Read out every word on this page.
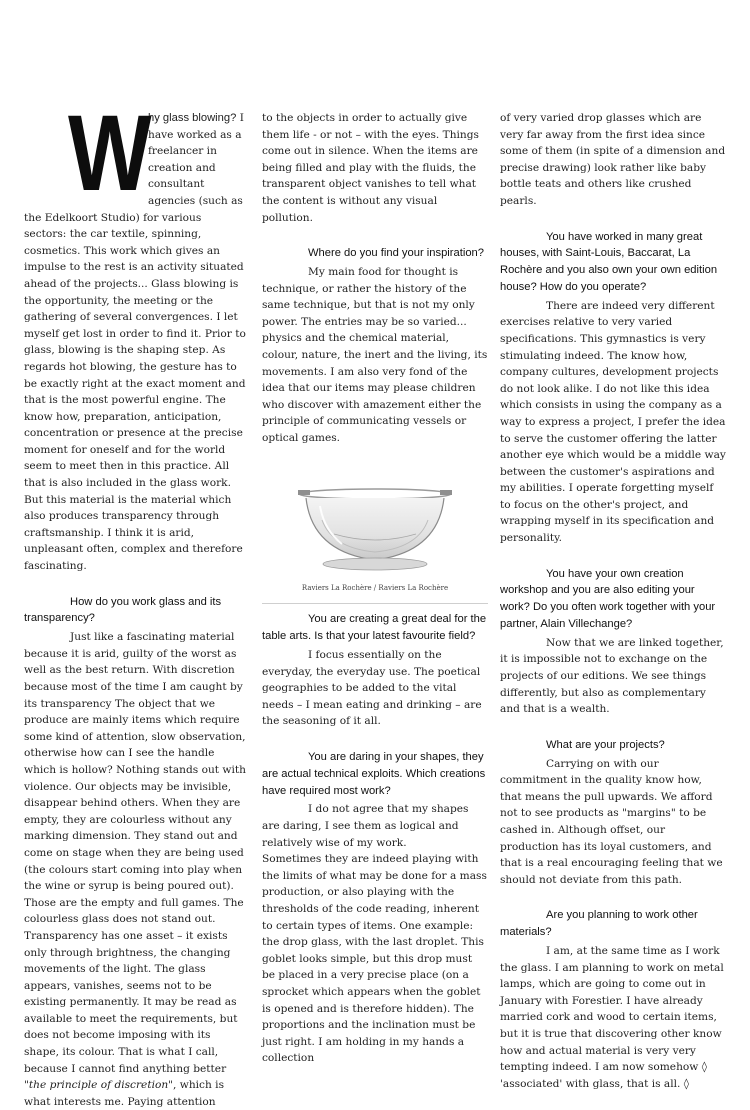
W
hy glass blowing? I have worked as a freelancer in creation and consultant agencies (such as the Edelkoort Studio) for various sectors: the car textile, spinning, cosmetics. This work which gives an impulse to the rest is an activity situated ahead of the projects... Glass blowing is the opportunity, the meeting or the gathering of several convergences. I let myself get lost in order to find it. Prior to glass, blowing is the shaping step. As regards hot blowing, the gesture has to be exactly right at the exact moment and that is the most powerful engine. The know how, preparation, anticipation, concentration or presence at the precise moment for oneself and for the world seem to meet then in this practice. All that is also included in the glass work. But this material is the material which also produces transparency through craftsmanship. I think it is arid, unpleasant often, complex and therefore fascinating.

How do you work glass and its transparency?

Just like a fascinating material because it is arid, guilty of the worst as well as the best return. With discretion because most of the time I am caught by its transparency The object that we produce are mainly items which require some kind of attention, slow observation, otherwise how can I see the handle which is hollow? Nothing stands out with violence. Our objects may be invisible, disappear behind others. When they are empty, they are colourless without any marking dimension. They stand out and come on stage when they are being used (the colours start coming into play when the wine or syrup is being poured out). Those are the empty and full games. The colourless glass does not stand out. Transparency has one asset – it exists only through brightness, the changing movements of the light. The glass appears, vanishes, seems not to be existing permanently. It may be read as available to meet the requirements, but does not become imposing with its shape, its colour. That is what I call, because I cannot find anything better "the principle of discretion", which is what interests me. Paying attention

to the objects in order to actually give them life - or not – with the eyes. Things come out in silence. When the items are being filled and play with the fluids, the transparent object vanishes to tell what the content is without any visual pollution.

Where do you find your inspiration?

My main food for thought is technique, or rather the history of the same technique, but that is not my only power. The entries may be so varied... physics and the chemical material, colour, nature, the inert and the living, its movements. I am also very fond of the idea that our items may please children who discover with amazement either the principle of communicating vessels or optical games.

Raviers La Rochère / Raviers La Rochère

You are creating a great deal for the table arts. Is that your latest favourite field?

I focus essentially on the everyday, the everyday use. The poetical geographies to be added to the vital needs – I mean eating and drinking – are the seasoning of it all.

You are daring in your shapes, they are actual technical exploits. Which creations have required most work?

I do not agree that my shapes are daring, I see them as logical and relatively wise of my work.

Sometimes they are indeed playing with the limits of what may be done for a mass production, or also playing with the thresholds of the code reading, inherent to certain types of items. One example: the drop glass, with the last droplet. This goblet looks simple, but this drop must be placed in a very precise place (on a sprocket which appears when the goblet is opened and is therefore hidden). The proportions and the inclination must be just right. I am holding in my hands a collection

of very varied drop glasses which are very far away from the first idea since some of them (in spite of a dimension and precise drawing) look rather like baby bottle teats and others like crushed pearls.

You have worked in many great houses, with Saint-Louis, Baccarat, La Rochère and you also own your own edition house? How do you operate?

There are indeed very different exercises relative to very varied specifications. This gymnastics is very stimulating indeed. The know how, company cultures, development projects do not look alike. I do not like this idea which consists in using the company as a way to express a project, I prefer the idea to serve the customer offering the latter another eye which would be a middle way between the customer's aspirations and my abilities. I operate forgetting myself to focus on the other's project, and wrapping myself in its specification and personality.

You have your own creation workshop and you are also editing your work? Do you often work together with your partner, Alain Villechange?

Now that we are linked together, it is impossible not to exchange on the projects of our editions. We see things differently, but also as complementary and that is a wealth.

What are your projects?

Carrying on with our commitment in the quality know how, that means the pull upwards. We afford not to see products as "margins" to be cashed in. Although offset, our production has its loyal customers, and that is a real encouraging feeling that we should not deviate from this path.

Are you planning to work other materials?

I am, at the same time as I work the glass. I am planning to work on metal lamps, which are going to come out in January with Forestier. I have already married cork and wood to certain items, but it is true that discovering other know how and actual material is very very tempting indeed. I am now somehow ◊ 'associated' with glass, that is all. ◊
